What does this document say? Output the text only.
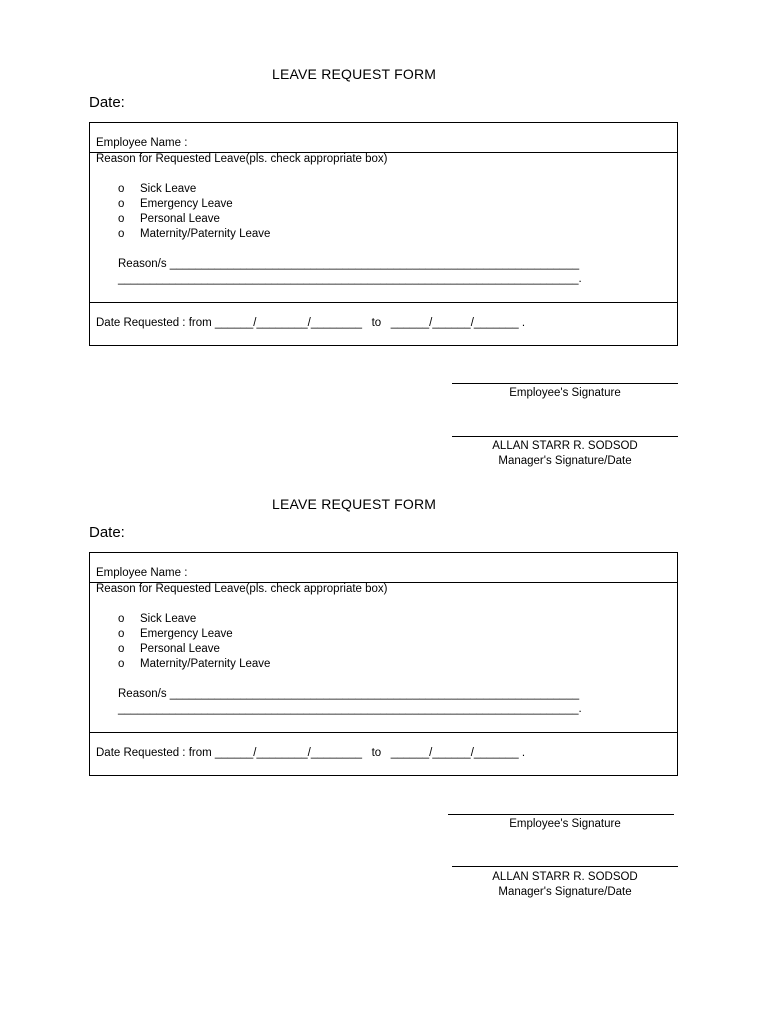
LEAVE REQUEST FORM
Date:
Employee Name :
Reason for Requested Leave(pls. check appropriate box)
o Sick Leave
o Emergency Leave
o Personal Leave
o Maternity/Paternity Leave
Reason/s ________________________________________________________________
________________________________________________________________________.
Date Requested : from ______/________/________   to   ______/______/_______ .
Employee's Signature
ALLAN STARR R. SODSOD
Manager's Signature/Date
LEAVE REQUEST FORM
Date:
Employee Name :
Reason for Requested Leave(pls. check appropriate box)
o Sick Leave
o Emergency Leave
o Personal Leave
o Maternity/Paternity Leave
Reason/s ________________________________________________________________
________________________________________________________________________.
Date Requested : from ______/________/________   to   ______/______/_______ .
Employee's Signature
ALLAN STARR R. SODSOD
Manager's Signature/Date
